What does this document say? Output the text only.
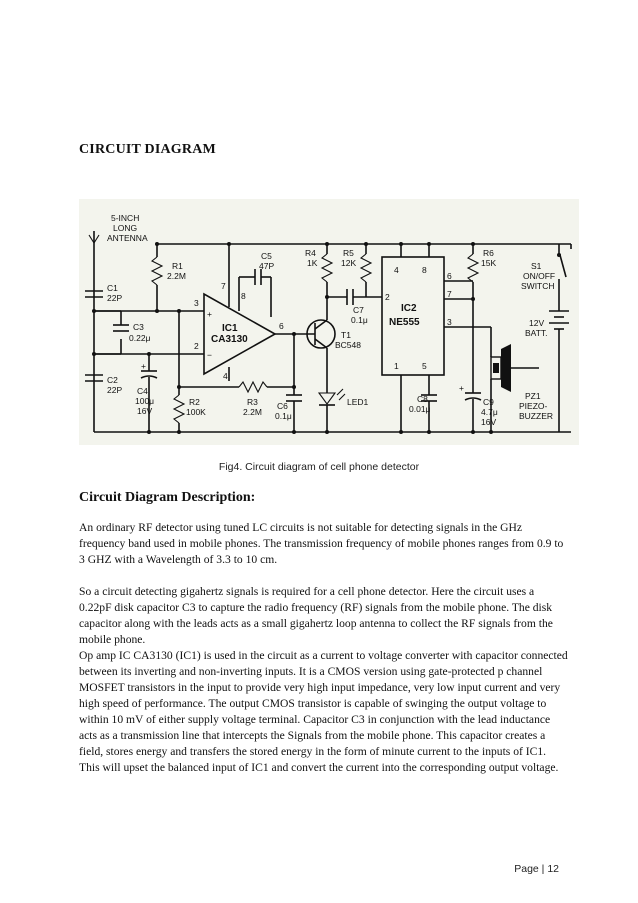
CIRCUIT DIAGRAM
5-INCH
LONG
ANTENNA
C1
22P
C2
22P
C3
0.22μ
R1
2.2M
+
C4
100μ
16V
R2
100K
IC1
CA3130
+
−
3
2
7
8
4
6
C5
47P
R3
2.2M
C6
0.1μ
R4
1K
T1
BC548
LED1
R5
12K
C7
0.1μ
4	8
2
6
7
3
1	5
IC2
NE555
C8
0.01μ
R6
15K
+
C9
4.7μ
16V
PZ1
PIEZO-
BUZZER
S1
ON/OFF
SWITCH
12V
BATT.
Fig4. Circuit diagram of cell phone detector
Circuit Diagram Description:

An ordinary RF detector using tuned LC circuits is not suitable for detecting signals in the GHz frequency band used in mobile phones. The transmission frequency of mobile phones ranges from 0.9 to 3 GHZ with a Wavelength of 3.3 to 10 cm.

So a circuit detecting gigahertz signals is required for a cell phone detector. Here the circuit uses a 0.22pF disk capacitor C3 to capture the radio frequency (RF) signals from the mobile phone. The disk capacitor along with the leads acts as a small gigahertz loop antenna to collect the RF signals from the mobile phone.

Op amp IC CA3130 (IC1) is used in the circuit as a current to voltage converter with capacitor connected between its inverting and non-inverting inputs. It is a CMOS version using gate-protected p channel MOSFET transistors in the input to provide very high input impedance, very low input current and very high speed of performance. The output CMOS transistor is capable of swinging the output voltage to within 10 mV of either supply voltage terminal. Capacitor C3 in conjunction with the lead inductance acts as a transmission line that intercepts the Signals from the mobile phone. This capacitor creates a field, stores energy and transfers the stored energy in the form of minute current to the inputs of IC1. This will upset the balanced input of IC1 and convert the current into the corresponding output voltage.

Page | 12
